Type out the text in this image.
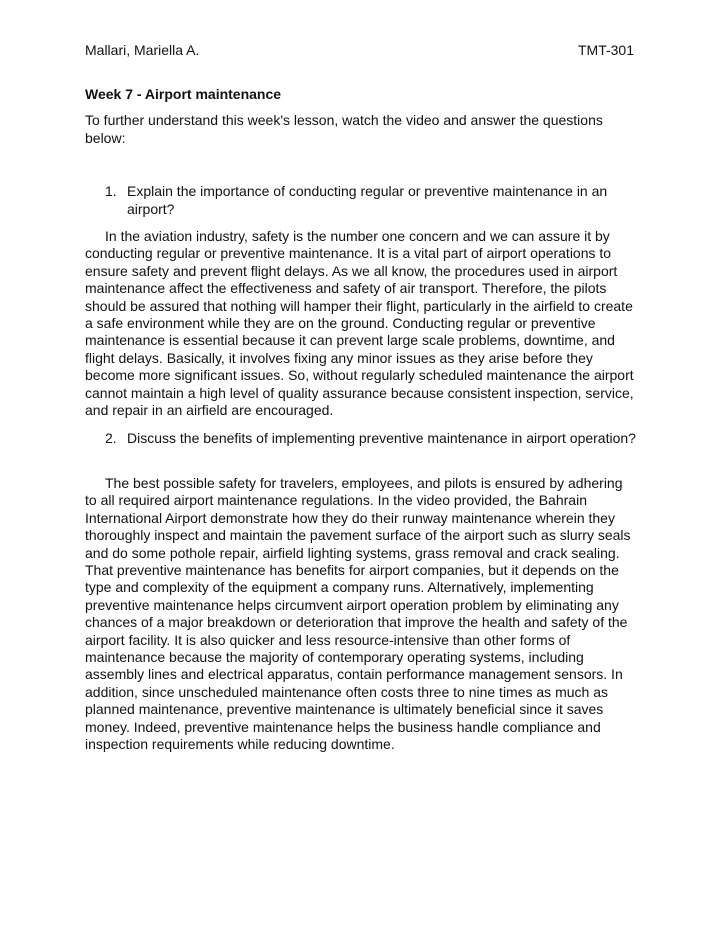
Mallari, Mariella A.	TMT-301
Week 7 - Airport maintenance

To further understand this week's lesson, watch the video and answer the questions below:

1. Explain the importance of conducting regular or preventive maintenance in an airport?

In the aviation industry, safety is the number one concern and we can assure it by conducting regular or preventive maintenance. It is a vital part of airport operations to ensure safety and prevent flight delays. As we all know, the procedures used in airport maintenance affect the effectiveness and safety of air transport. Therefore, the pilots should be assured that nothing will hamper their flight, particularly in the airfield to create a safe environment while they are on the ground. Conducting regular or preventive maintenance is essential because it can prevent large scale problems, downtime, and flight delays. Basically, it involves fixing any minor issues as they arise before they become more significant issues. So, without regularly scheduled maintenance the airport cannot maintain a high level of quality assurance because consistent inspection, service, and repair in an airfield are encouraged.

2. Discuss the benefits of implementing preventive maintenance in airport operation?

The best possible safety for travelers, employees, and pilots is ensured by adhering to all required airport maintenance regulations. In the video provided, the Bahrain International Airport demonstrate how they do their runway maintenance wherein they thoroughly inspect and maintain the pavement surface of the airport such as slurry seals and do some pothole repair, airfield lighting systems, grass removal and crack sealing. That preventive maintenance has benefits for airport companies, but it depends on the type and complexity of the equipment a company runs. Alternatively, implementing preventive maintenance helps circumvent airport operation problem by eliminating any chances of a major breakdown or deterioration that improve the health and safety of the airport facility. It is also quicker and less resource-intensive than other forms of maintenance because the majority of contemporary operating systems, including assembly lines and electrical apparatus, contain performance management sensors. In addition, since unscheduled maintenance often costs three to nine times as much as planned maintenance, preventive maintenance is ultimately beneficial since it saves money. Indeed, preventive maintenance helps the business handle compliance and inspection requirements while reducing downtime.
